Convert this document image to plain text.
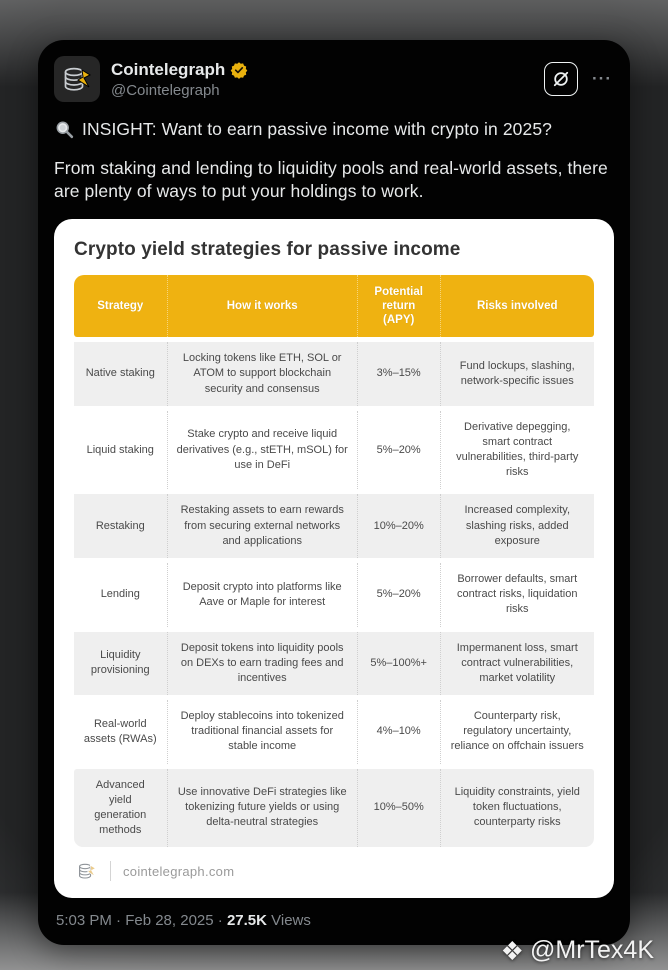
Cointelegraph
@Cointelegraph
···

INSIGHT: Want to earn passive income with crypto in 2025?

From staking and lending to liquidity pools and real-world assets, there are plenty of ways to put your holdings to work.

Crypto yield strategies for passive income
Strategy	How it works
Potential return (APY)
Risks involved
Native staking
Locking tokens like ETH, SOL or ATOM to support blockchain security and consensus
3%–15%
Fund lockups, slashing, network-specific issues
Liquid staking
Stake crypto and receive liquid derivatives (e.g., stETH, mSOL) for use in DeFi
5%–20%
Derivative depegging, smart contract vulnerabilities, third-party risks
Restaking
Restaking assets to earn rewards from securing external networks and applications
10%–20%
Increased complexity, slashing risks, added exposure
Lending
Deposit crypto into platforms like Aave or Maple for interest
5%–20%
Borrower defaults, smart contract risks, liquidation risks
Liquidity provisioning
Deposit tokens into liquidity pools on DEXs to earn trading fees and incentives
5%–100%+
Impermanent loss, smart contract vulnerabilities, market volatility
Real-world assets (RWAs)
Deploy stablecoins into tokenized traditional financial assets for stable income
4%–10%
Counterparty risk, regulatory uncertainty, reliance on offchain issuers
Advanced yield generation methods
Use innovative DeFi strategies like tokenizing future yields or using delta-neutral strategies
10%–50%
Liquidity constraints, yield token fluctuations, counterparty risks
cointelegraph.com
5:03 PM · Feb 28, 2025 · 27.5K Views
❖ @MrTex4K
